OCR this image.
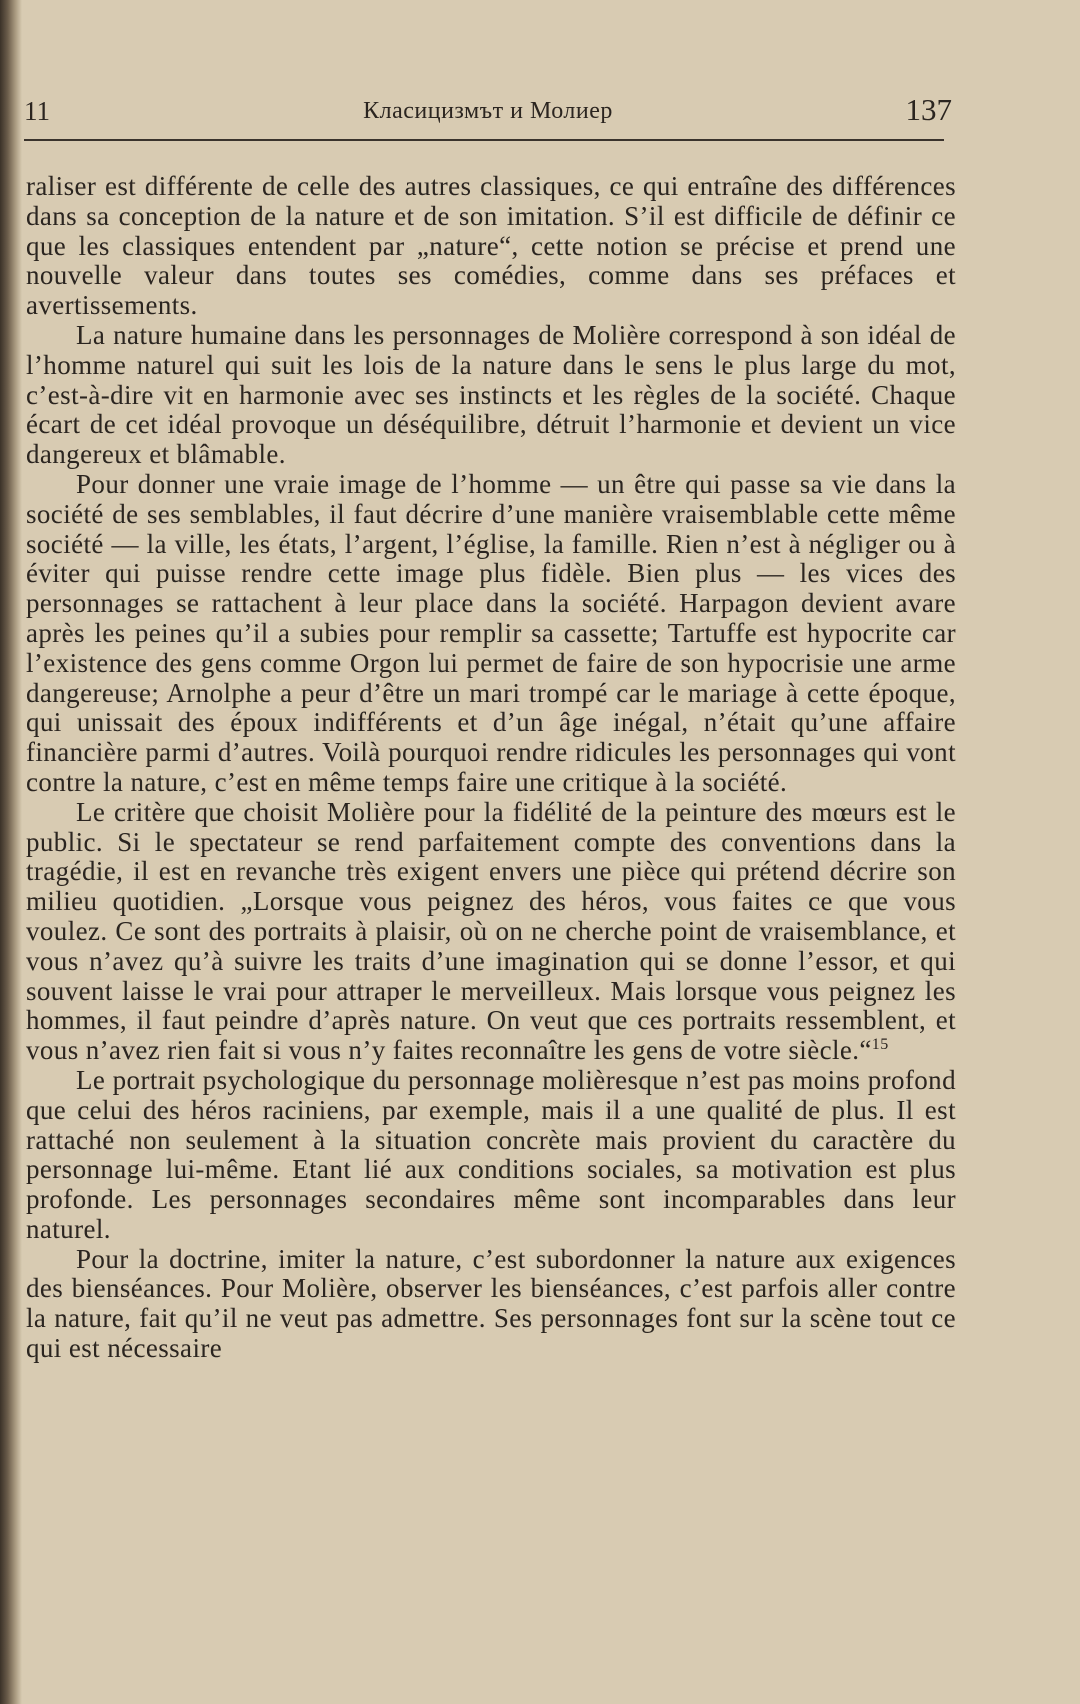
11	Класицизмът и Молиер	137

raliser est différente de celle des autres classiques, ce qui entraîne des différences dans sa conception de la nature et de son imitation. S’il est difficile de définir ce que les classiques entendent par „nature“, cette notion se précise et prend une nouvelle valeur dans toutes ses comédies, comme dans ses préfaces et avertissements.

La nature humaine dans les personnages de Molière correspond à son idéal de l’homme naturel qui suit les lois de la nature dans le sens le plus large du mot, c’est-à-dire vit en harmonie avec ses instincts et les règles de la société. Chaque écart de cet idéal provoque un déséquilibre, détruit l’harmonie et devient un vice dangereux et blâmable.

Pour donner une vraie image de l’homme — un être qui passe sa vie dans la société de ses semblables, il faut décrire d’une manière vraisemblable cette même société — la ville, les états, l’argent, l’église, la famille. Rien n’est à négliger ou à éviter qui puisse rendre cette image plus fidèle. Bien plus — les vices des personnages se rattachent à leur place dans la société. Harpagon devient avare après les peines qu’il a subies pour remplir sa cassette; Tartuffe est hypocrite car l’existence des gens comme Orgon lui permet de faire de son hypocrisie une arme dangereuse; Arnolphe a peur d’être un mari trompé car le mariage à cette époque, qui unissait des époux indifférents et d’un âge inégal, n’était qu’une affaire financière parmi d’autres. Voilà pourquoi rendre ridicules les personnages qui vont contre la nature, c’est en même temps faire une critique à la société.

Le critère que choisit Molière pour la fidélité de la peinture des mœurs est le public. Si le spectateur se rend parfaitement compte des conventions dans la tragédie, il est en revanche très exigent envers une pièce qui prétend décrire son milieu quotidien. „Lorsque vous peignez des héros, vous faites ce que vous voulez. Ce sont des portraits à plaisir, où on ne cherche point de vraisemblance, et vous n’avez qu’à suivre les traits d’une imagination qui se donne l’essor, et qui souvent laisse le vrai pour attraper le merveilleux. Mais lorsque vous peignez les hommes, il faut peindre d’après nature. On veut que ces portraits ressemblent, et vous n’avez rien fait si vous n’y faites reconnaître les gens de votre siècle.“$^{15}$

Le portrait psychologique du personnage molièresque n’est pas moins profond que celui des héros raciniens, par exemple, mais il a une qualité de plus. Il est rattaché non seulement à la situation concrète mais provient du caractère du personnage lui-même. Etant lié aux conditions sociales, sa motivation est plus profonde. Les personnages secondaires même sont incomparables dans leur naturel.

Pour la doctrine, imiter la nature, c’est subordonner la nature aux exigences des bienséances. Pour Molière, observer les bienséances, c’est parfois aller contre la nature, fait qu’il ne veut pas admettre. Ses personnages font sur la scène tout ce qui est nécessaire
